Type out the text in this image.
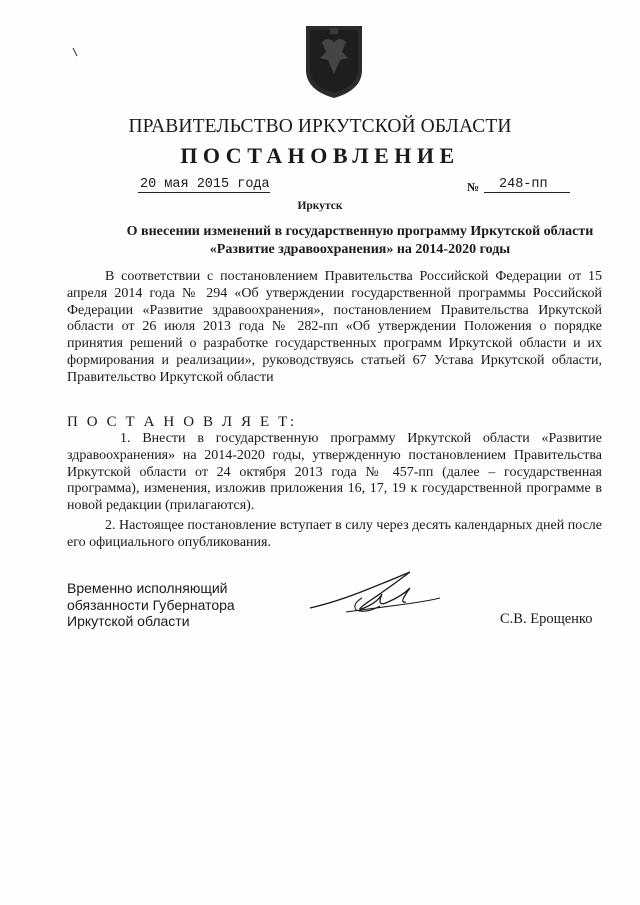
ПРАВИТЕЛЬСТВО ИРКУТСКОЙ ОБЛАСТИ
ПОСТАНОВЛЕНИЕ
20 мая 2015 года	№	248-пп
Иркутск
О внесении изменений в государственную программу Иркутской области «Развитие здравоохранения» на 2014-2020 годы
В соответствии с постановлением Правительства Российской Федерации от 15 апреля 2014 года № 294 «Об утверждении государственной программы Российской Федерации «Развитие здравоохранения», постановлением Правительства Иркутской области от 26 июля 2013 года № 282-пп «Об утверждении Положения о порядке принятия решений о разработке государственных программ Иркутской области и их формирования и реализации», руководствуясь статьей 67 Устава Иркутской области, Правительство Иркутской области
П О С Т А Н О В Л Я Е Т:
1. Внести в государственную программу Иркутской области «Развитие здравоохранения» на 2014-2020 годы, утвержденную постановлением Правительства Иркутской области от 24 октября 2013 года № 457-пп (далее – государственная программа), изменения, изложив приложения 16, 17, 19 к государственной программе в новой редакции (прилагаются).
2. Настоящее постановление вступает в силу через десять календарных дней после его официального опубликования.
Временно исполняющий
обязанности Губернатора
Иркутской области	С.В. Ерощенко
